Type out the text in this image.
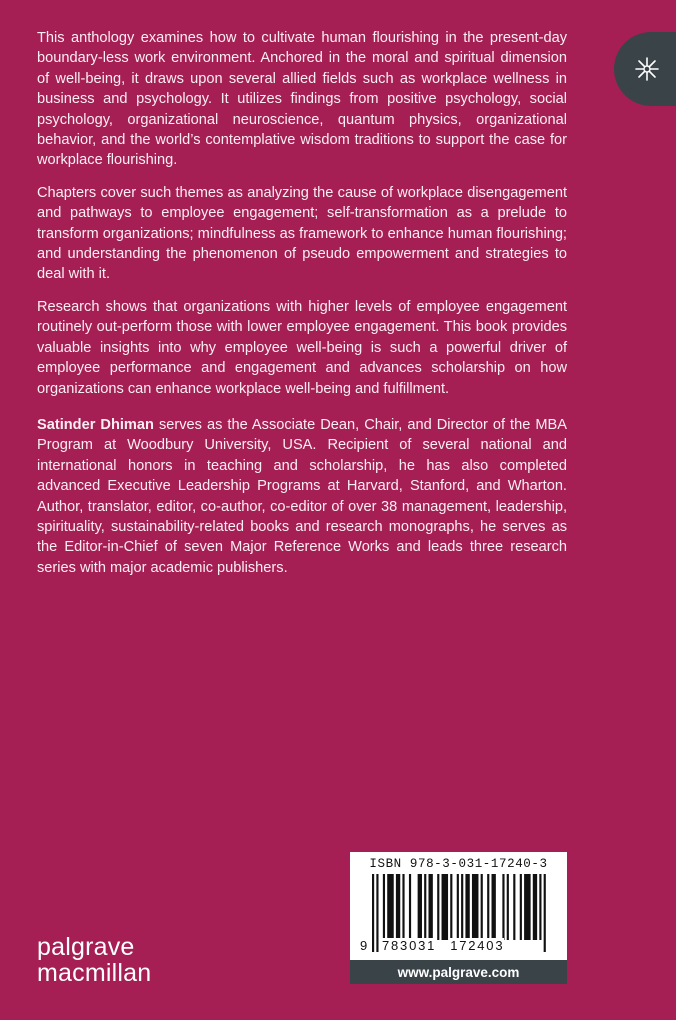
This anthology examines how to cultivate human flourishing in the present-day boundary-less work environment. Anchored in the moral and spiritual dimension of well-being, it draws upon several allied fields such as workplace wellness in business and psychology. It utilizes findings from positive psychology, social psychology, organizational neuroscience, quantum physics, organizational behavior, and the world’s contemplative wisdom traditions to support the case for workplace flourishing.

Chapters cover such themes as analyzing the cause of workplace disengagement and pathways to employee engagement; self-transformation as a prelude to transform organizations; mindfulness as framework to enhance human flourishing; and understanding the phenomenon of pseudo empowerment and strategies to deal with it.

Research shows that organizations with higher levels of employee engagement routinely out-perform those with lower employee engagement. This book provides valuable insights into why employee well-being is such a powerful driver of employee performance and engagement and advances scholarship on how organizations can enhance workplace well-being and fulfillment.

Satinder Dhiman serves as the Associate Dean, Chair, and Director of the MBA Program at Woodbury University, USA. Recipient of several national and international honors in teaching and scholarship, he has also completed advanced Executive Leadership Programs at Harvard, Stanford, and Wharton. Author, translator, editor, co-author, co-editor of over 38 management, leadership, spirituality, sustainability-related books and research monographs, he serves as the Editor-in-Chief of seven Major Reference Works and leads three research series with major academic publishers.

palgrave
macmillan
ISBN 978-3-031-17240-3
9	783031 172403
www.palgrave.com
